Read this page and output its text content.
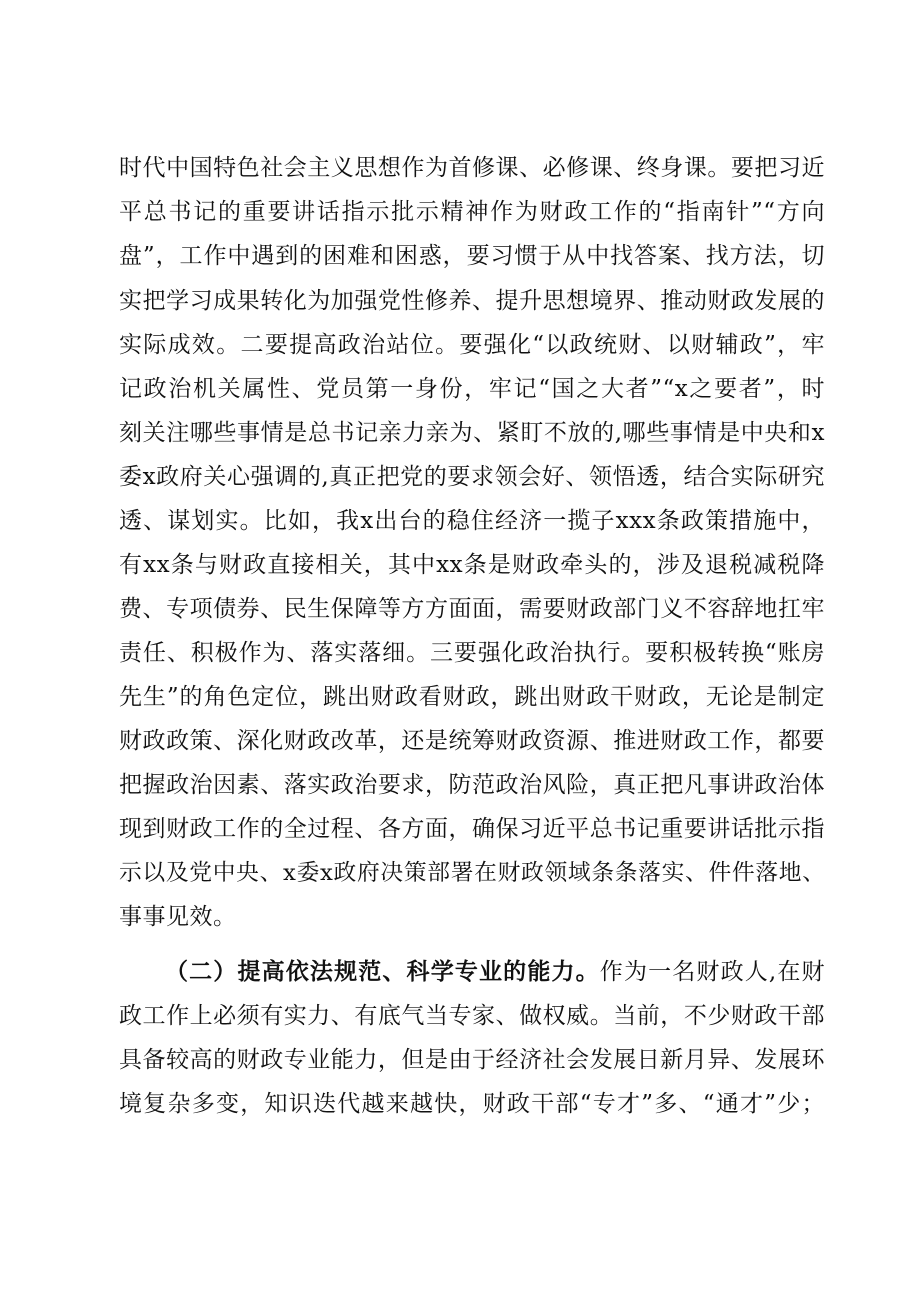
时代中国特色社会主义思想作为首修课、必修课、终身课。要把习近
平总书记的重要讲话指示批示精神作为财政工作的“指南针”“方向
盘”，工作中遇到的困难和困惑，要习惯于从中找答案、找方法，切
实把学习成果转化为加强党性修养、提升思想境界、推动财政发展的
实际成效。二要提高政治站位。要强化“以政统财、以财辅政”，牢
记政治机关属性、党员第一身份，牢记“国之大者”“x之要者”，时
刻关注哪些事情是总书记亲力亲为、紧盯不放的,哪些事情是中央和x
委x政府关心强调的,真正把党的要求领会好、领悟透，结合实际研究
透、谋划实。比如，我x出台的稳住经济一揽子xxx条政策措施中，
有xx条与财政直接相关，其中xx条是财政牵头的，涉及退税减税降
费、专项债券、民生保障等方方面面，需要财政部门义不容辞地扛牢
责任、积极作为、落实落细。三要强化政治执行。要积极转换“账房
先生”的角色定位，跳出财政看财政，跳出财政干财政，无论是制定
财政政策、深化财政改革，还是统筹财政资源、推进财政工作，都要
把握政治因素、落实政治要求，防范政治风险，真正把凡事讲政治体
现到财政工作的全过程、各方面，确保习近平总书记重要讲话批示指
示以及党中央、x委x政府决策部署在财政领域条条落实、件件落地、
事事见效。
（二）提高依法规范、科学专业的能力。作为一名财政人,在财
政工作上必须有实力、有底气当专家、做权威。当前，不少财政干部
具备较高的财政专业能力，但是由于经济社会发展日新月异、发展环
境复杂多变，知识迭代越来越快，财政干部“专才”多、“通才”少；
